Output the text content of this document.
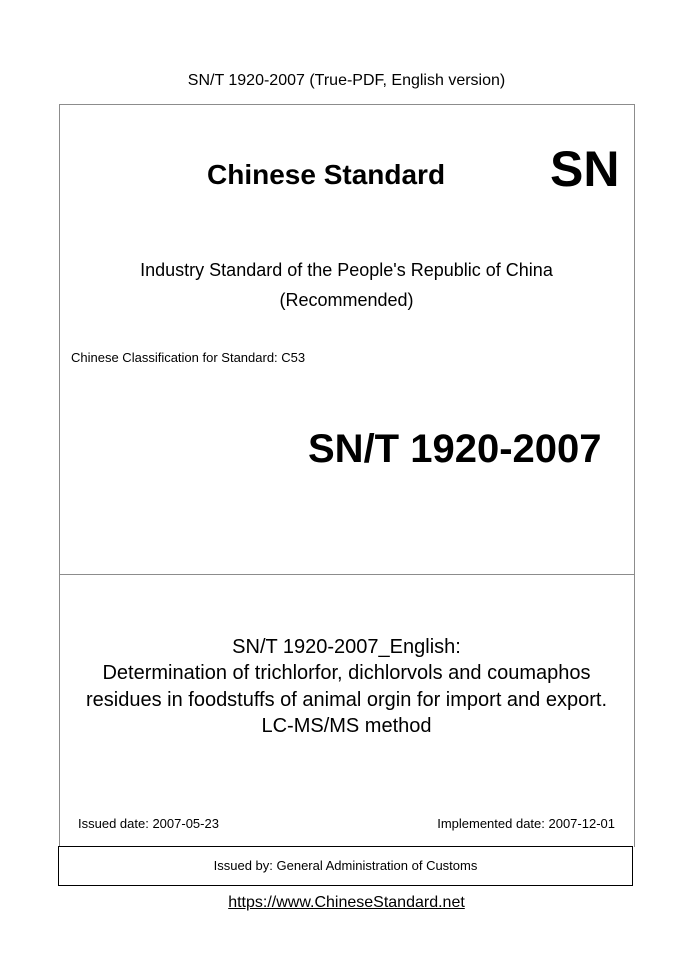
SN/T 1920-2007 (True-PDF, English version)
Chinese Standard SN
Industry Standard of the People's Republic of China
(Recommended)
Chinese Classification for Standard: C53
SN/T 1920-2007
SN/T 1920-2007_English:
Determination of trichlorfor, dichlorvols and coumaphos
residues in foodstuffs of animal orgin for import and export.
LC-MS/MS method
Issued date: 2007-05-23	Implemented date: 2007-12-01
Issued by: General Administration of Customs
https://www.ChineseStandard.net
